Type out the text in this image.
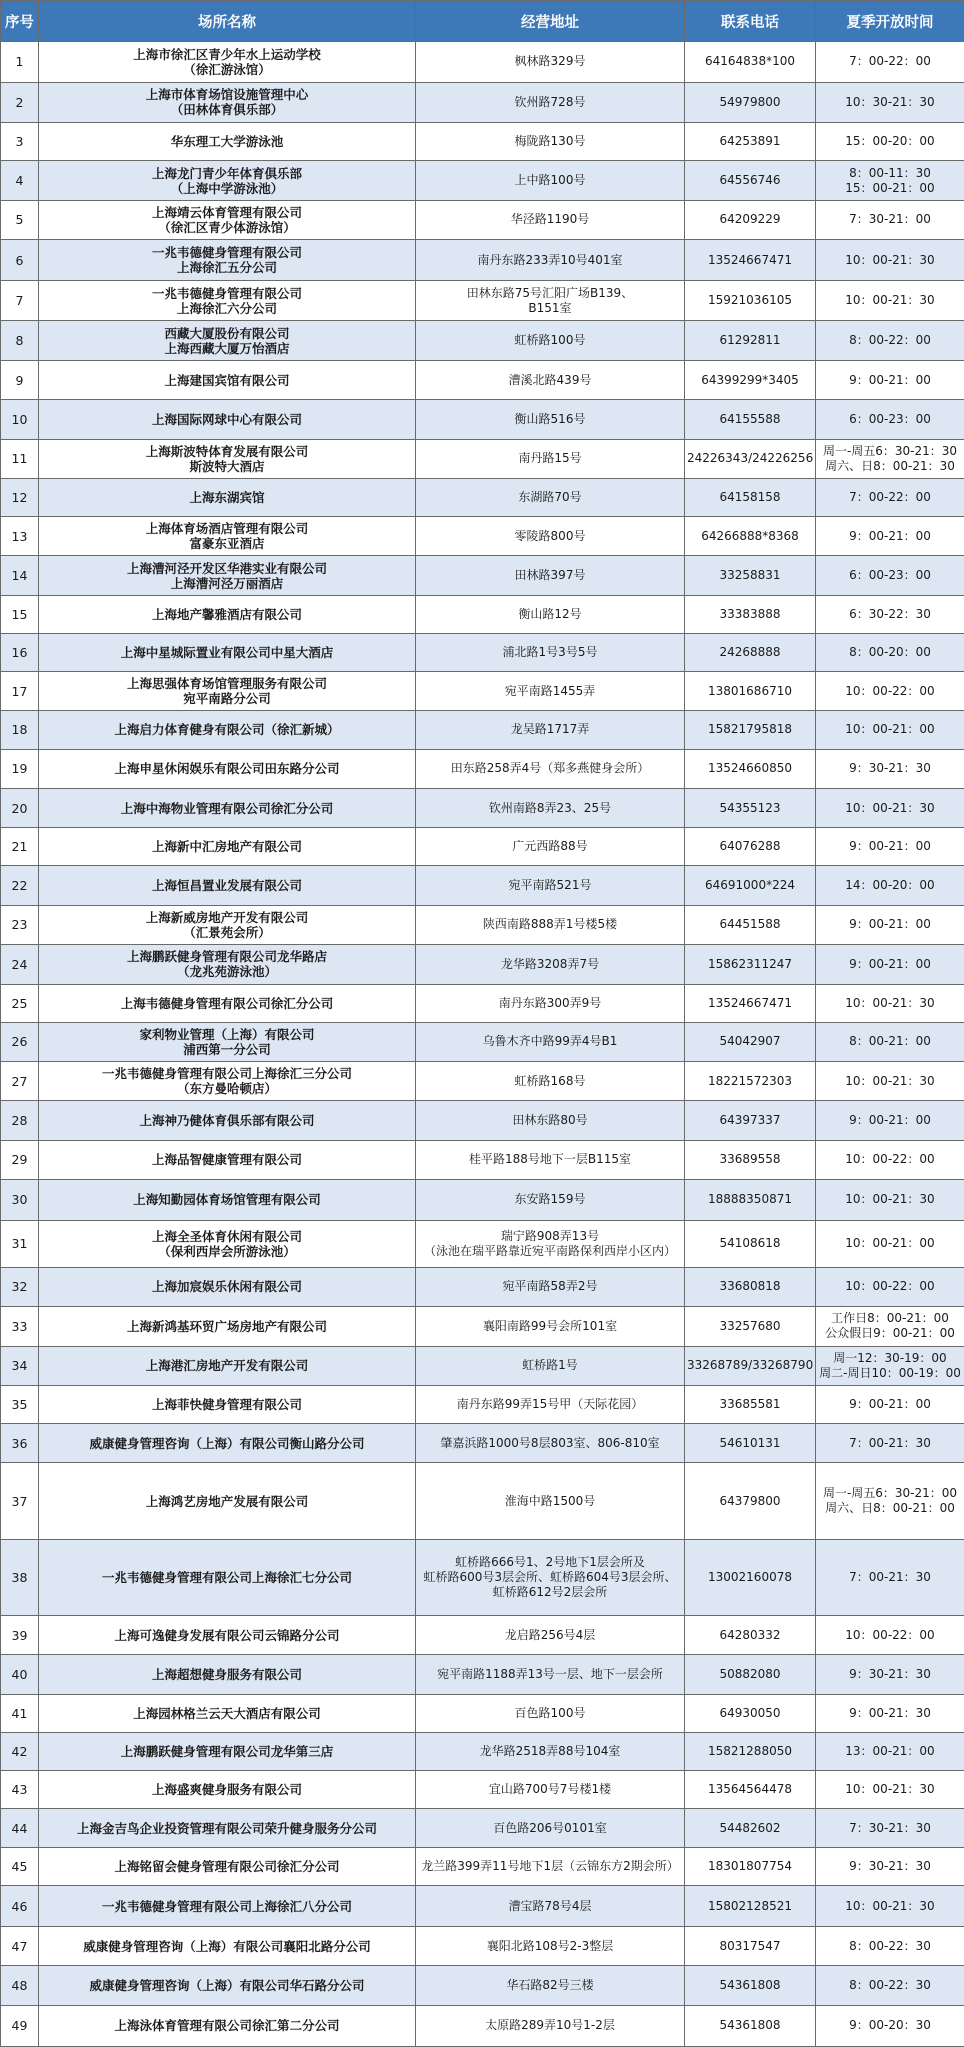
序号	场所名称	经营地址	联系电话	夏季开放时间
1	上海市徐汇区青少年水上运动学校
（徐汇游泳馆）	枫林路329号	64164838*100	7：00-22：00

2	上海市体育场馆设施管理中心
（田林体育俱乐部）	钦州路728号	54979800	10：30-21：30

3	华东理工大学游泳池	梅陇路130号	64253891	15：00-20：00

4	上海龙门青少年体育俱乐部
（上海中学游泳池）	上中路100号	64556746	8：00-11：30
15：00-21：00

5	上海靖云体育管理有限公司
（徐汇区青少体游泳馆）	华泾路1190号	64209229	7：30-21：00

6	一兆韦德健身管理有限公司
上海徐汇五分公司	南丹东路233弄10号401室	13524667471	10：00-21：30

7	一兆韦德健身管理有限公司
上海徐汇六分公司	田林东路75号汇阳广场B139、
B151室	15921036105	10：00-21：30

8	西藏大厦股份有限公司
上海西藏大厦万怡酒店	虹桥路100号	61292811	8：00-22：00

9	上海建国宾馆有限公司	漕溪北路439号	64399299*3405	9：00-21：00

10	上海国际网球中心有限公司	衡山路516号	64155588	6：00-23：00

11	上海斯波特体育发展有限公司
斯波特大酒店	南丹路15号	24226343/24226256	周一-周五6：30-21：30
周六、日8：00-21：30

12	上海东湖宾馆	东湖路70号	64158158	7：00-22：00

13	上海体育场酒店管理有限公司
富豪东亚酒店	零陵路800号	64266888*8368	9：00-21：00

14	上海漕河泾开发区华港实业有限公司
上海漕河泾万丽酒店	田林路397号	33258831	6：00-23：00

15	上海地产馨雅酒店有限公司	衡山路12号	33383888	6：30-22：30

16	上海中星城际置业有限公司中星大酒店	浦北路1号3号5号	24268888	8：00-20：00

17	上海思强体育场馆管理服务有限公司
宛平南路分公司	宛平南路1455弄	13801686710	10：00-22：00

18	上海启力体育健身有限公司（徐汇新城）	龙吴路1717弄	15821795818	10：00-21：00

19	上海申星休闲娱乐有限公司田东路分公司	田东路258弄4号（郑多燕健身会所）	13524660850	9：30-21：30

20	上海中海物业管理有限公司徐汇分公司	钦州南路8弄23、25号	54355123	10：00-21：30

21	上海新中汇房地产有限公司	广元西路88号	64076288	9：00-21：00

22	上海恒昌置业发展有限公司	宛平南路521号	64691000*224	14：00-20：00

23	上海新威房地产开发有限公司
（汇景苑会所）	陕西南路888弄1号楼5楼	64451588	9：00-21：00

24	上海鹏跃健身管理有限公司龙华路店
（龙兆苑游泳池）	龙华路3208弄7号	15862311247	9：00-21：00

25	上海韦德健身管理有限公司徐汇分公司	南丹东路300弄9号	13524667471	10：00-21：30

26	家利物业管理（上海）有限公司
浦西第一分公司	乌鲁木齐中路99弄4号B1	54042907	8：00-21：00

27	一兆韦德健身管理有限公司上海徐汇三分公司
（东方曼哈顿店）	虹桥路168号	18221572303	10：00-21：30

28	上海神乃健体育俱乐部有限公司	田林东路80号	64397337	9：00-21：00

29	上海品智健康管理有限公司	桂平路188号地下一层B115室	33689558	10：00-22：00

30	上海知勤园体育场馆管理有限公司	东安路159号	18888350871	10：00-21：30

31	上海全圣体育休闲有限公司
（保利西岸会所游泳池）	瑞宁路908弄13号
（泳池在瑞平路靠近宛平南路保利西岸小区内）	54108618	10：00-21：00

32	上海加宸娱乐休闲有限公司	宛平南路58弄2号	33680818	10：00-22：00

33	上海新鸿基环贸广场房地产有限公司	襄阳南路99号会所101室	33257680	工作日8：00-21：00
公众假日9：00-21：00

34	上海港汇房地产开发有限公司	虹桥路1号	33268789/33268790	周一12：30-19：00
周二-周日10：00-19：00

35	上海菲快健身管理有限公司	南丹东路99弄15号甲（天际花园）	33685581	9：00-21：00

36	威康健身管理咨询（上海）有限公司衡山路分公司	肇嘉浜路1000号8层803室、806-810室	54610131	7：00-21：30

37	上海鸿艺房地产发展有限公司	淮海中路1500号	64379800	周一-周五6：30-21：00
周六、日8：00-21：00

38	一兆韦德健身管理有限公司上海徐汇七分公司	虹桥路666号1、2号地下1层会所及
虹桥路600号3层会所、虹桥路604号3层会所、
虹桥路612号2层会所	13002160078	7：00-21：30

39	上海可逸健身发展有限公司云锦路分公司	龙启路256号4层	64280332	10：00-22：00

40	上海超想健身服务有限公司	宛平南路1188弄13号一层、地下一层会所	50882080	9：30-21：30

41	上海园林格兰云天大酒店有限公司	百色路100号	64930050	9：00-21：30

42	上海鹏跃健身管理有限公司龙华第三店	龙华路2518弄88号104室	15821288050	13：00-21：00

43	上海盛爽健身服务有限公司	宜山路700号7号楼1楼	13564564478	10：00-21：30

44	上海金吉鸟企业投资管理有限公司荣升健身服务分公司	百色路206号0101室	54482602	7：30-21：30

45	上海铭留会健身管理有限公司徐汇分公司	龙兰路399弄11号地下1层（云锦东方2期会所）	18301807754	9：30-21：30

46	一兆韦德健身管理有限公司上海徐汇八分公司	漕宝路78号4层	15802128521	10：00-21：30

47	威康健身管理咨询（上海）有限公司襄阳北路分公司	襄阳北路108号2-3整层	80317547	8：00-22：30

48	威康健身管理咨询（上海）有限公司华石路分公司	华石路82号三楼	54361808	8：00-22：30

49	上海泳体育管理有限公司徐汇第二分公司	太原路289弄10号1-2层	54361808	9：00-20：30
